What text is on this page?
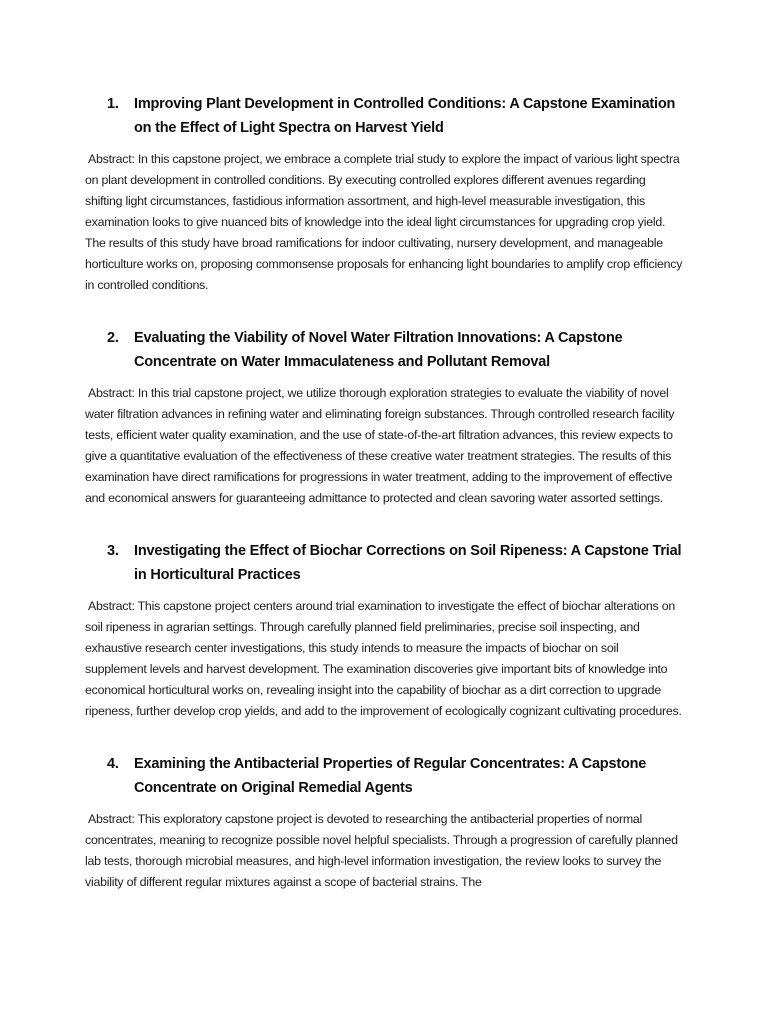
1.	Improving Plant Development in Controlled Conditions: A Capstone Examination on the Effect of Light Spectra on Harvest Yield

Abstract: In this capstone project, we embrace a complete trial study to explore the impact of various light spectra on plant development in controlled conditions. By executing controlled explores different avenues regarding shifting light circumstances, fastidious information assortment, and high-level measurable investigation, this examination looks to give nuanced bits of knowledge into the ideal light circumstances for upgrading crop yield. The results of this study have broad ramifications for indoor cultivating, nursery development, and manageable horticulture works on, proposing commonsense proposals for enhancing light boundaries to amplify crop efficiency in controlled conditions.

2.	Evaluating the Viability of Novel Water Filtration Innovations: A Capstone Concentrate on Water Immaculateness and Pollutant Removal

Abstract: In this trial capstone project, we utilize thorough exploration strategies to evaluate the viability of novel water filtration advances in refining water and eliminating foreign substances. Through controlled research facility tests, efficient water quality examination, and the use of state-of-the-art filtration advances, this review expects to give a quantitative evaluation of the effectiveness of these creative water treatment strategies. The results of this examination have direct ramifications for progressions in water treatment, adding to the improvement of effective and economical answers for guaranteeing admittance to protected and clean savoring water assorted settings.

3.	Investigating the Effect of Biochar Corrections on Soil Ripeness: A Capstone Trial in Horticultural Practices

Abstract: This capstone project centers around trial examination to investigate the effect of biochar alterations on soil ripeness in agrarian settings. Through carefully planned field preliminaries, precise soil inspecting, and exhaustive research center investigations, this study intends to measure the impacts of biochar on soil supplement levels and harvest development. The examination discoveries give important bits of knowledge into economical horticultural works on, revealing insight into the capability of biochar as a dirt correction to upgrade ripeness, further develop crop yields, and add to the improvement of ecologically cognizant cultivating procedures.

4.	Examining the Antibacterial Properties of Regular Concentrates: A Capstone Concentrate on Original Remedial Agents

Abstract: This exploratory capstone project is devoted to researching the antibacterial properties of normal concentrates, meaning to recognize possible novel helpful specialists. Through a progression of carefully planned lab tests, thorough microbial measures, and high-level information investigation, the review looks to survey the viability of different regular mixtures against a scope of bacterial strains. The
